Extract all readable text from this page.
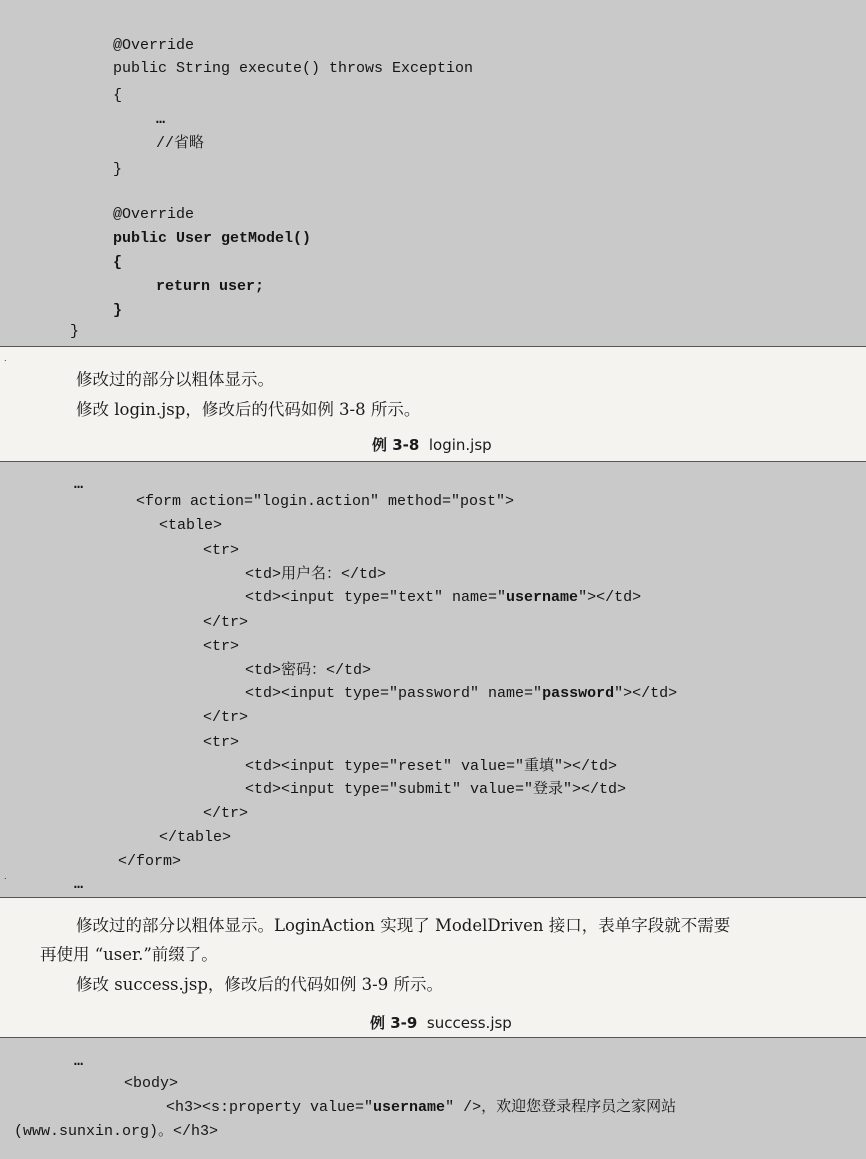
@Override
public String execute() throws Exception
{
…
//省略
}
@Override
public User getModel()
{
return user;
}
}
修改过的部分以粗体显示。
修改 login.jsp，修改后的代码如例 3-8 所示。
例 3-8 login.jsp
…
<form action="login.action" method="post">
<table>
<tr>
<td>用户名：</td>
<td><input type="text" name="username"></td>
</tr>
<tr>
<td>密码：</td>
<td><input type="password" name="password"></td>
</tr>
<tr>
<td><input type="reset" value="重填"></td>
<td><input type="submit" value="登录"></td>
</tr>
</table>
</form>
…
修改过的部分以粗体显示。LoginAction 实现了 ModelDriven 接口，表单字段就不需要
再使用 “user.”前缀了。
修改 success.jsp，修改后的代码如例 3-9 所示。
例 3-9 success.jsp
…
<body>
<h3><s:property value="username" />，欢迎您登录程序员之家网站
(www.sunxin.org)。</h3>
.
.
